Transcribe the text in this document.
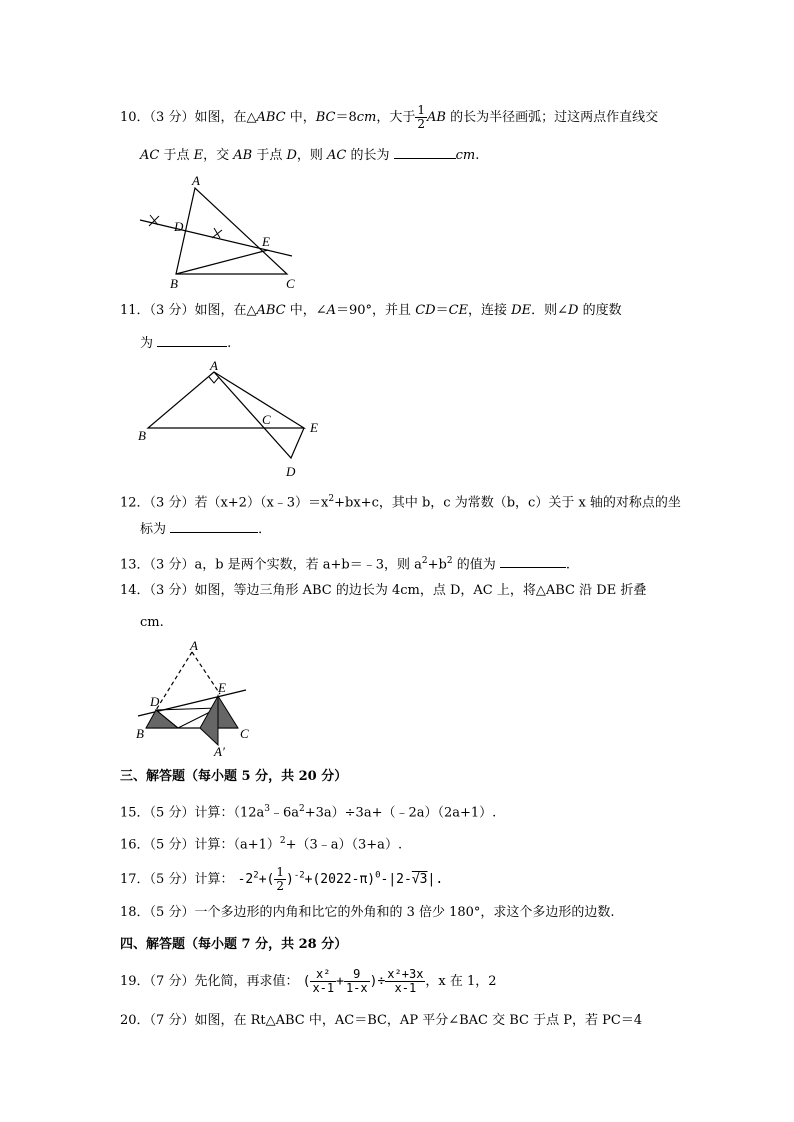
10．（3 分）如图，在△ABC 中，BC＝8cm，大于 $\frac{1}{2}$ AB 的长为半径画弧；过这两点作直线交
AC 于点 E，交 AB 于点 D，则 AC 的长为	cm.
A
D
E
B	C
11．（3 分）如图，在△ABC 中，∠A＝90°，并且 CD＝CE，连接 DE．则∠D 的度数
为	.
A
B
C
E
D
12．（3 分）若$(x+2)(x﹣3)=x^2+bx+c$，其中 b，c 为常数（b，c）关于 x 轴的对称点的坐
标为	．
13．（3 分）a，b 是两个实数，若 a+b＝﹣3，则 $a^2+b^2$ 的值为	.
14．（3 分）如图，等边三角形 ABC 的边长为 4cm，点 D，AC 上，将△ABC 沿 DE 折叠
cm.
A
D
E
B	C
A′
三、解答题（每小题 5 分，共 20 分）
15．（5 分）计算：$(12a^3﹣6a^2+3a)\div 3a+(﹣2a)(2a+1)$.
16．（5 分）计算：$(a+1)^2+(3﹣a)(3+a)$.
17．（5 分）计算： $-2^2+( \frac{1}{2} )^{-2}+(2022-\pi)^0-|2-√3|$.
18．（5 分）一个多边形的内角和比它的外角和的 3 倍少 180°，求这个多边形的边数.
四、解答题（每小题 7 分，共 28 分）
19．（7 分）先化简，再求值： ( $\frac{\text{x²}}{x-1} + \frac{9}{1-x}$ )÷ $\frac{\text{x²+3x}}{x-1}$ ，x 在 1，2
20．（7 分）如图，在 Rt△ABC 中，AC＝BC，AP 平分∠BAC 交 BC 于点 P，若 PC＝4
